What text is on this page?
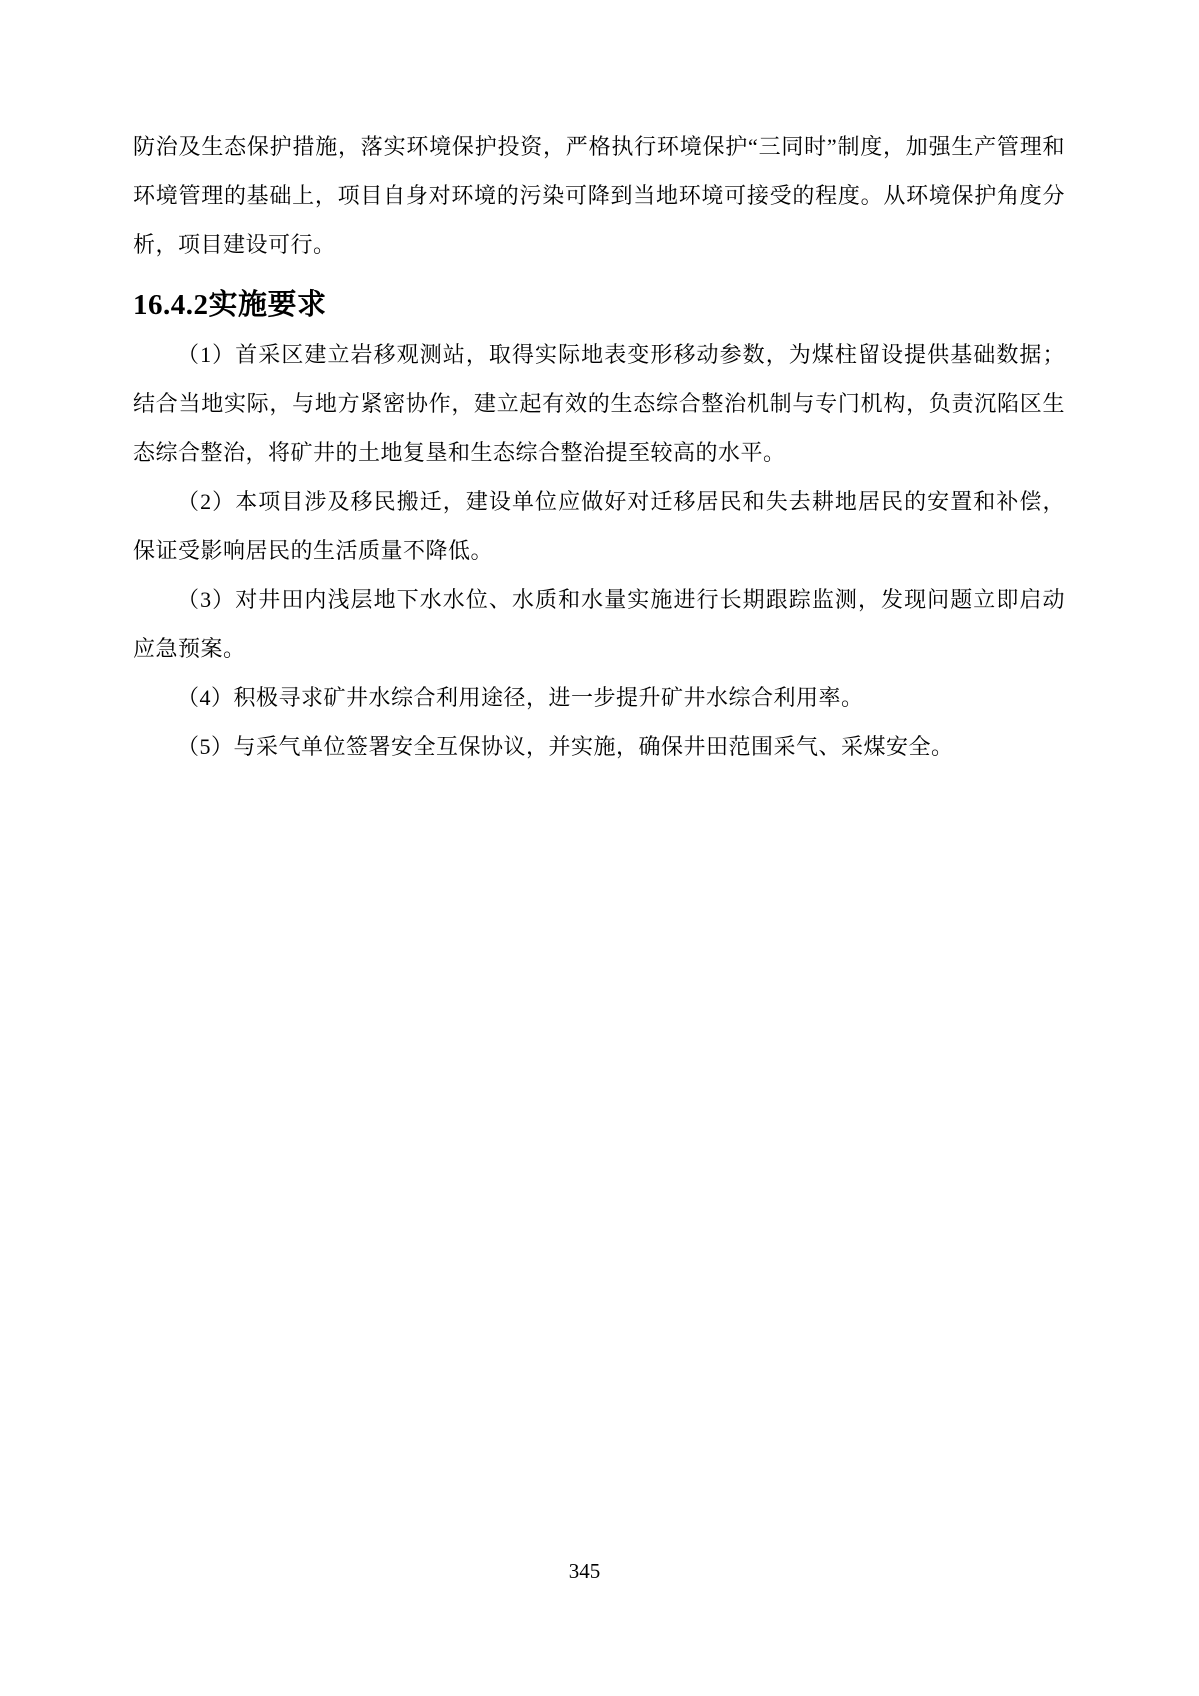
防治及生态保护措施，落实环境保护投资，严格执行环境保护“三同时”制度，加强生产管理和环境管理的基础上，项目自身对环境的污染可降到当地环境可接受的程度。从环境保护角度分析，项目建设可行。

16.4.2实施要求

（1）首采区建立岩移观测站，取得实际地表变形移动参数，为煤柱留设提供基础数据；结合当地实际，与地方紧密协作，建立起有效的生态综合整治机制与专门机构，负责沉陷区生态综合整治，将矿井的土地复垦和生态综合整治提至较高的水平。

（2）本项目涉及移民搬迁，建设单位应做好对迁移居民和失去耕地居民的安置和补偿，保证受影响居民的生活质量不降低。

（3）对井田内浅层地下水水位、水质和水量实施进行长期跟踪监测，发现问题立即启动应急预案。

（4）积极寻求矿井水综合利用途径，进一步提升矿井水综合利用率。

（5）与采气单位签署安全互保协议，并实施，确保井田范围采气、采煤安全。

345
